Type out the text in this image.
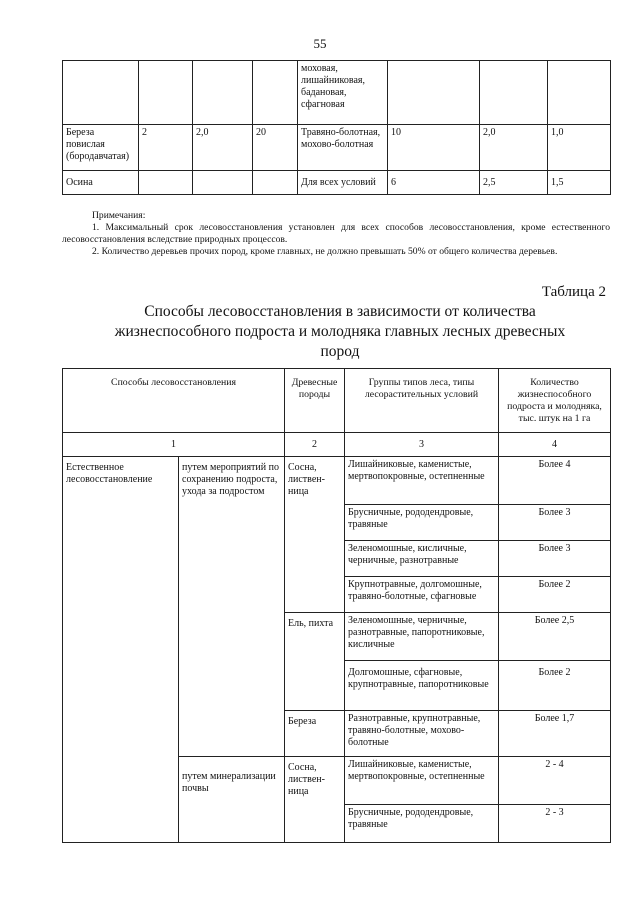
55
				моховая, лишайниковая, бадановая, сфагновая			
Береза повислая (бородавчатая)	2	2,0	20	Травяно-болотная, мохово-болотная	10	2,0	1,0
Осина				Для всех условий	6	2,5	1,5

Примечания:

1. Максимальный срок лесовосстановления установлен для всех способов лесовосстановления, кроме естественного лесовосстановления вследствие природных процессов.

2. Количество деревьев прочих пород, кроме главных, не должно превышать 50% от общего количества деревьев.

Таблица 2
Способы лесовосстановления в зависимости от количества жизнеспособного подроста и молодняка главных лесных древесных пород
Способы лесовосстановления		Древесные породы	Группы типов леса, типы лесорастительных условий	Количество жизнеспособного подроста и молодняка, тыс. штук на 1 га
1		2	3	4
Естественное лесовосстановление	путем мероприятий по сохранению подроста, ухода за подростом	Сосна, листвен-ница	Лишайниковые, каменистые, мертвопокровные, остепненные	Более 4
			Брусничные, рододендровые, травяные	Более 3
			Зеленомошные, кисличные, черничные, разнотравные	Более 3
			Крупнотравные, долгомошные, травяно-болотные, сфагновые	Более 2
		Ель, пихта	Зеленомошные, черничные, разнотравные, папоротниковые, кисличные	Более 2,5
			Долгомошные, сфагновые, крупнотравные, папоротниковые	Более 2
		Береза	Разнотравные, крупнотравные, травяно-болотные, мохово-болотные	Более 1,7
	путем минерализации почвы	Сосна, листвен-ница	Лишайниковые, каменистые, мертвопокровные, остепненные	2 - 4
			Брусничные, рододендровые, травяные	2 - 3
